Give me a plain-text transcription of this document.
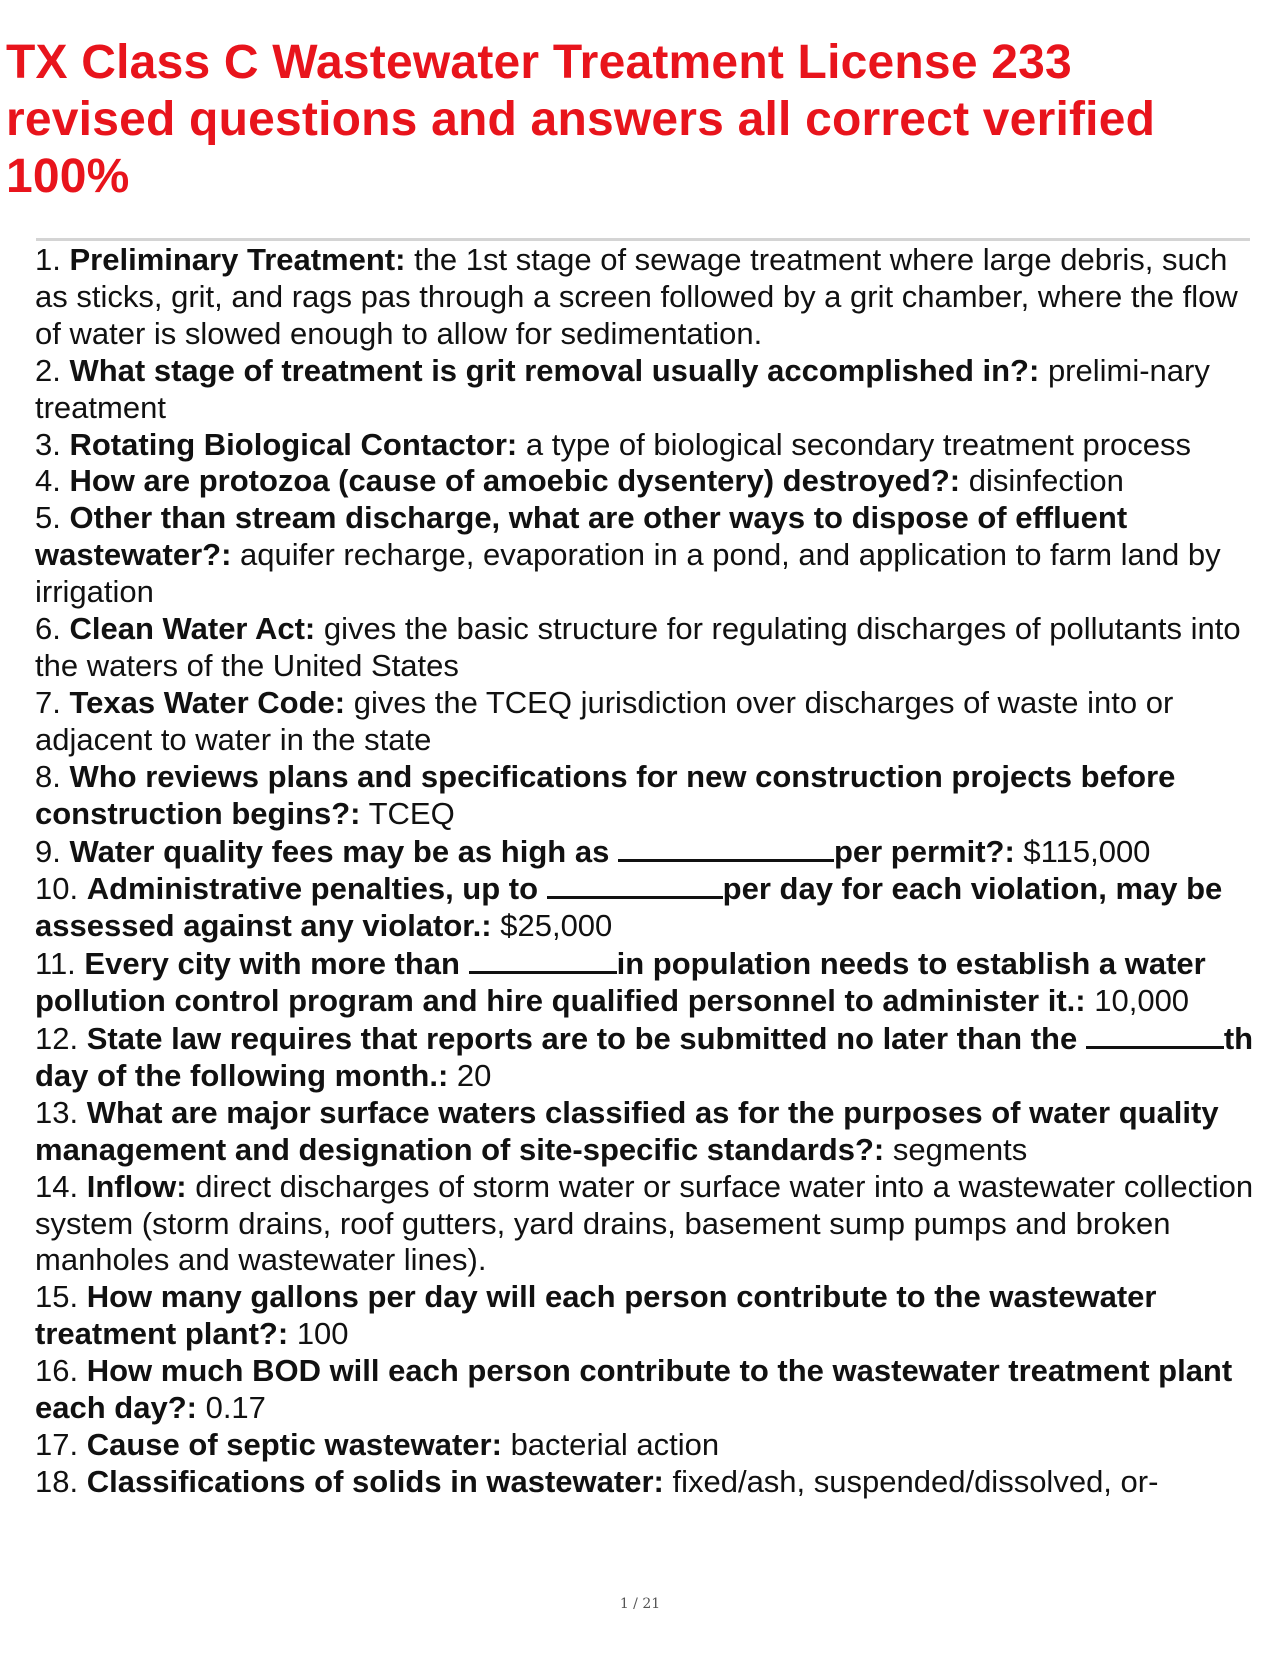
TX Class C Wastewater Treatment License 233 revised questions and answers all correct verified 100%
1. Preliminary Treatment: the 1st stage of sewage treatment where large debris, such as sticks, grit, and rags pas through a screen followed by a grit chamber, where the flow of water is slowed enough to allow for sedimentation.
2. What stage of treatment is grit removal usually accomplished in?: prelimi-nary treatment
3. Rotating Biological Contactor: a type of biological secondary treatment process
4. How are protozoa (cause of amoebic dysentery) destroyed?: disinfection
5. Other than stream discharge, what are other ways to dispose of effluent wastewater?: aquifer recharge, evaporation in a pond, and application to farm land by irrigation
6. Clean Water Act: gives the basic structure for regulating discharges of pollutants into the waters of the United States
7. Texas Water Code: gives the TCEQ jurisdiction over discharges of waste into or adjacent to water in the state
8. Who reviews plans and specifications for new construction projects before construction begins?: TCEQ
9. Water quality fees may be as high as	per permit?: $115,000
10. Administrative penalties, up to	per day for each violation, may be assessed against any violator.: $25,000
11. Every city with more than	in population needs to establish a water pollution control program and hire qualified personnel to administer it.: 10,000
12. State law requires that reports are to be submitted no later than the	th day of the following month.: 20
13. What are major surface waters classified as for the purposes of water quality management and designation of site-specific standards?: segments
14. Inflow: direct discharges of storm water or surface water into a wastewater collection system (storm drains, roof gutters, yard drains, basement sump pumps and broken manholes and wastewater lines).
15. How many gallons per day will each person contribute to the wastewater treatment plant?: 100
16. How much BOD will each person contribute to the wastewater treatment plant each day?: 0.17
17. Cause of septic wastewater: bacterial action
18. Classifications of solids in wastewater: fixed/ash, suspended/dissolved, or-
1 / 21
